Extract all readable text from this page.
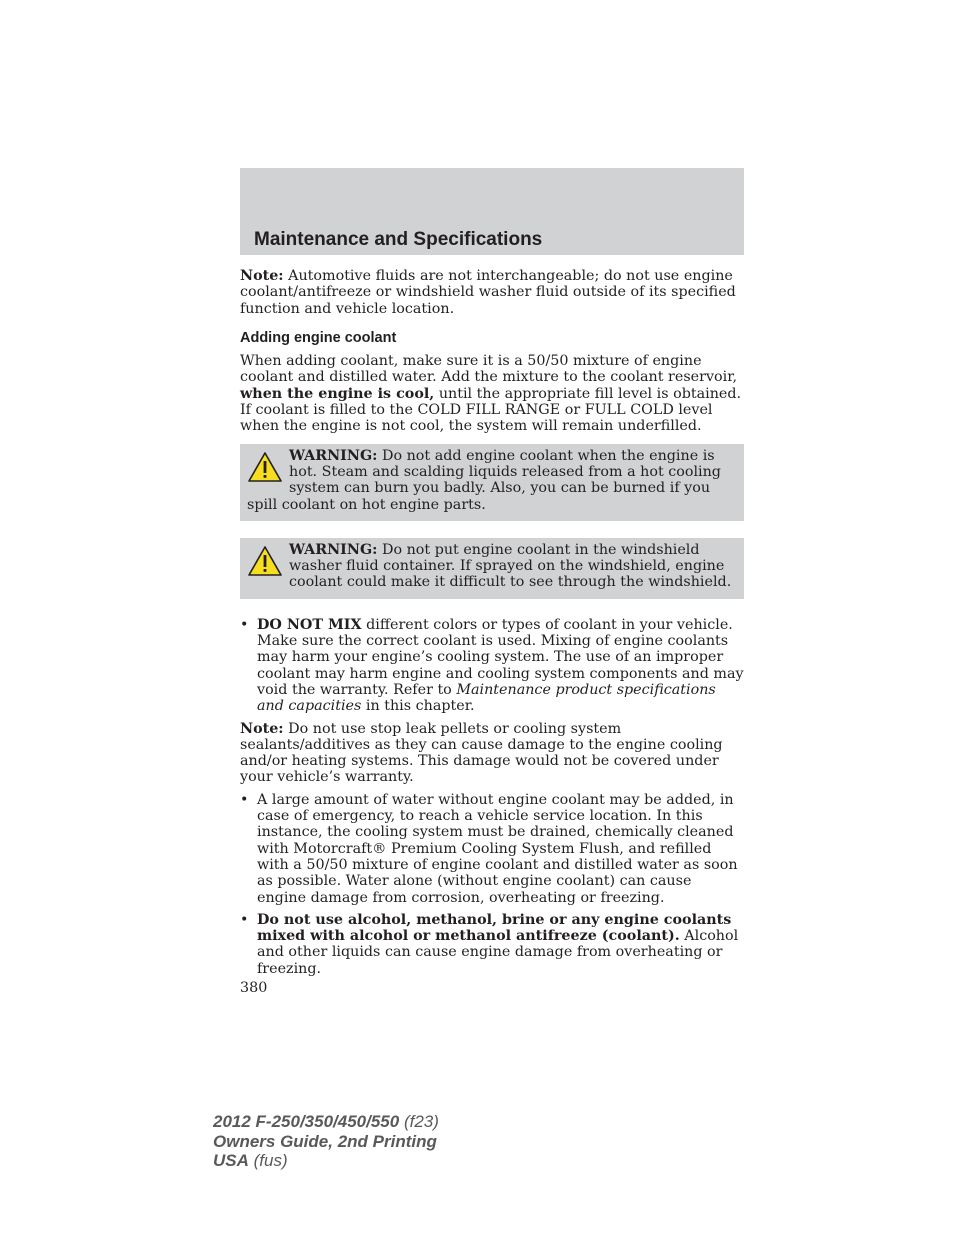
Maintenance and Specifications

Note: Automotive fluids are not interchangeable; do not use engine coolant/antifreeze or windshield washer fluid outside of its specified function and vehicle location.

Adding engine coolant

When adding coolant, make sure it is a 50/50 mixture of engine coolant and distilled water. Add the mixture to the coolant reservoir, when the engine is cool, until the appropriate fill level is obtained. If coolant is filled to the COLD FILL RANGE or FULL COLD level when the engine is not cool, the system will remain underfilled.

WARNING: Do not add engine coolant when the engine is hot. Steam and scalding liquids released from a hot cooling system can burn you badly. Also, you can be burned if you spill coolant on hot engine parts.

WARNING: Do not put engine coolant in the windshield washer fluid container. If sprayed on the windshield, engine coolant could make it difficult to see through the windshield.

• DO NOT MIX different colors or types of coolant in your vehicle. Make sure the correct coolant is used. Mixing of engine coolants may harm your engine’s cooling system. The use of an improper coolant may harm engine and cooling system components and may void the warranty. Refer to Maintenance product specifications and capacities in this chapter.

Note: Do not use stop leak pellets or cooling system sealants/additives as they can cause damage to the engine cooling and/or heating systems. This damage would not be covered under your vehicle’s warranty.

• A large amount of water without engine coolant may be added, in case of emergency, to reach a vehicle service location. In this instance, the cooling system must be drained, chemically cleaned with Motorcraft® Premium Cooling System Flush, and refilled with a 50/50 mixture of engine coolant and distilled water as soon as possible. Water alone (without engine coolant) can cause engine damage from corrosion, overheating or freezing.
• Do not use alcohol, methanol, brine or any engine coolants mixed with alcohol or methanol antifreeze (coolant). Alcohol and other liquids can cause engine damage from overheating or freezing.
380
2012 F-250/350/450/550 (f23)
Owners Guide, 2nd Printing
USA (fus)
